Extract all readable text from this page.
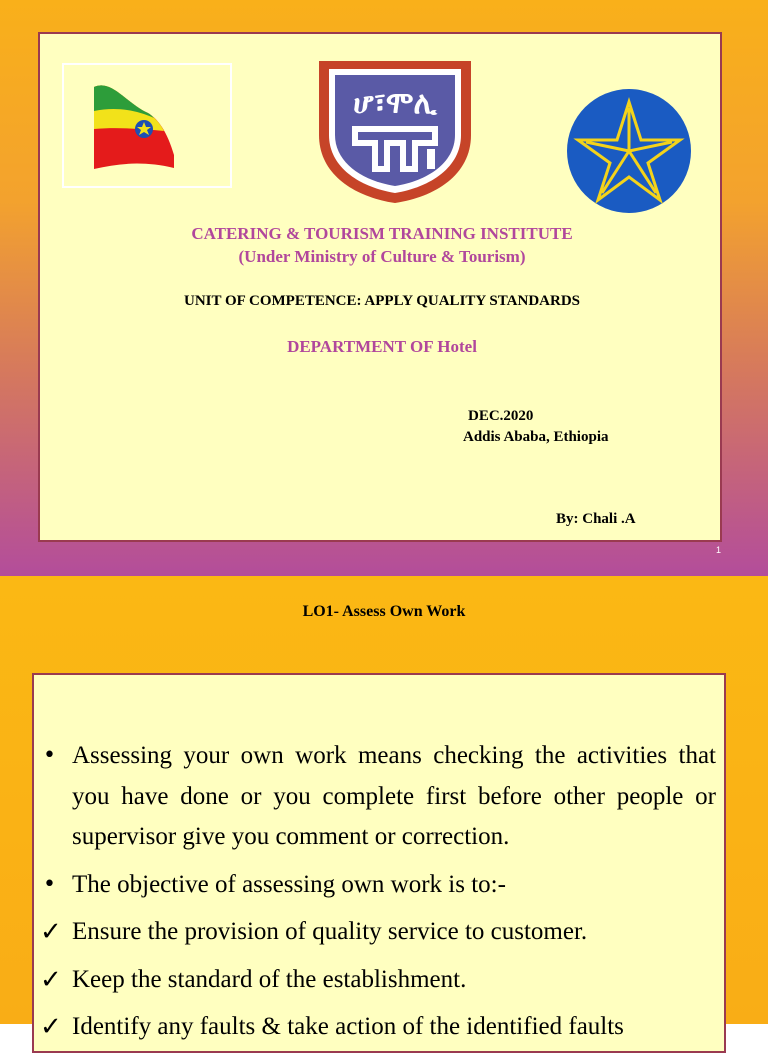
ሆ፣ሞሊ
CATERING & TOURISM TRAINING INSTITUTE
(Under Ministry of Culture & Tourism)
UNIT OF COMPETENCE: APPLY QUALITY STANDARDS
DEPARTMENT OF Hotel
DEC.2020
Addis Ababa, Ethiopia
By: Chali .A
1
LO1- Assess Own Work
• Assessing your own work means checking the activities that you have done or you complete first before other people or supervisor give you comment or correction.
• The objective of assessing own work is to:-
✓ Ensure the provision of quality service to customer.
✓ Keep the standard of the establishment.
✓ Identify any faults & take action of the identified faults
